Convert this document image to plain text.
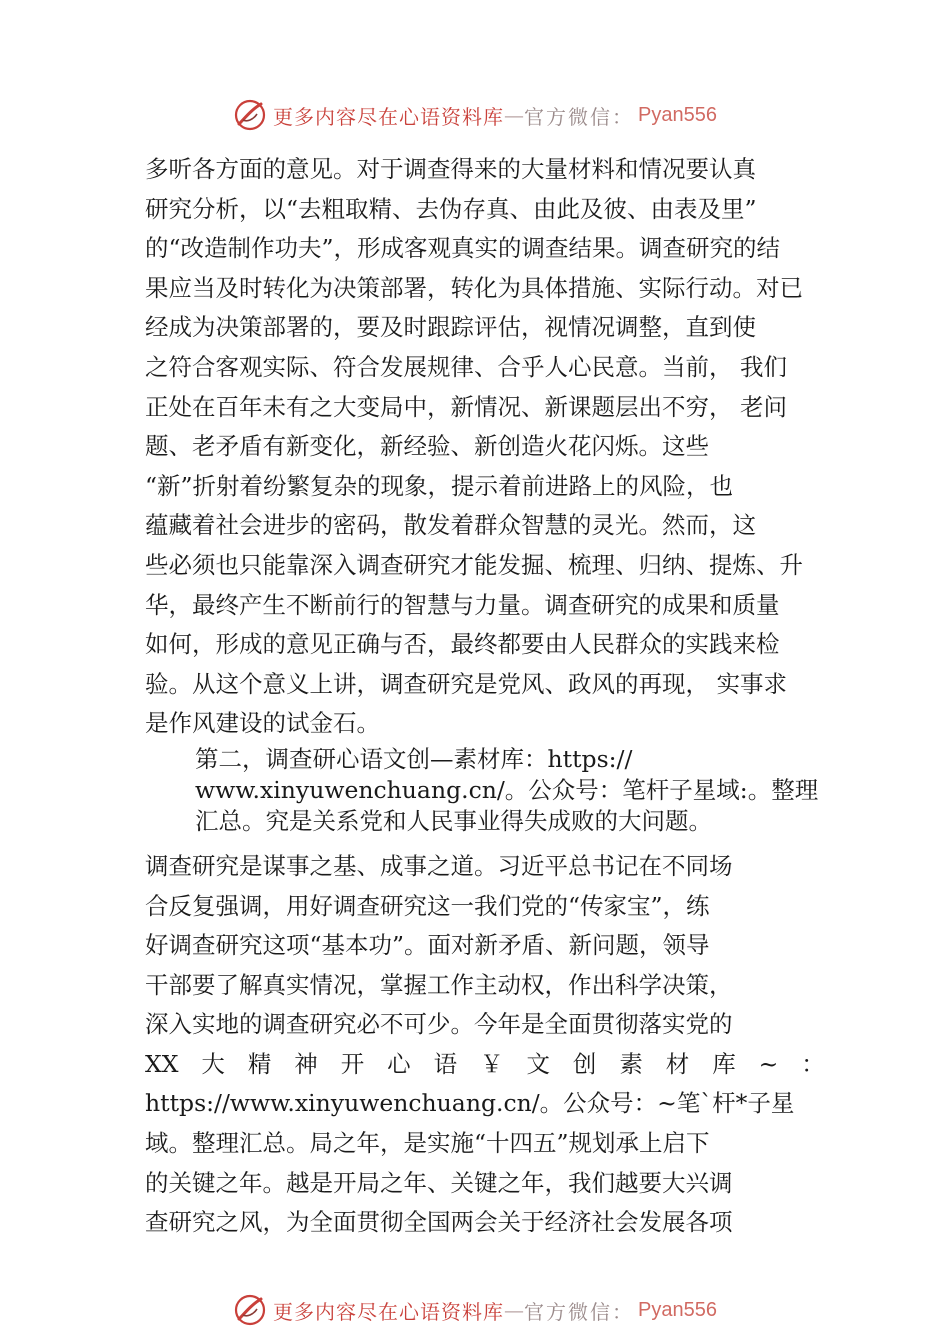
更多内容尽在心语资料库 — 官方微信： Pyan556
多听各方面的意见。对于调查得来的大量材料和情况要认真
研究分析，以“去粗取精、去伪存真、由此及彼、由表及里”
的“改造制作功夫”，形成客观真实的调查结果。调查研究的结
果应当及时转化为决策部署，转化为具体措施、实际行动。对已
经成为决策部署的，要及时跟踪评估，视情况调整，直到使
之符合客观实际、符合发展规律、合乎人心民意。当前， 我们
正处在百年未有之大变局中，新情况、新课题层出不穷， 老问
题、老矛盾有新变化，新经验、新创造火花闪烁。这些
“新”折射着纷繁复杂的现象，提示着前进路上的风险，也
蕴藏着社会进步的密码，散发着群众智慧的灵光。然而，这
些必须也只能靠深入调查研究才能发掘、梳理、归纳、提炼、升
华，最终产生不断前行的智慧与力量。调查研究的成果和质量
如何，形成的意见正确与否，最终都要由人民群众的实践来检
验。从这个意义上讲，调查研究是党风、政风的再现， 实事求
是作风建设的试金石。
第二，调查研心语文创—素材库：https://
www.xinyuwenchuang.cn/。公众号：笔杆子星域:。整理
汇总。究是关系党和人民事业得失成败的大问题。
调查研究是谋事之基、成事之道。习近平总书记在不同场
合反复强调，用好调查研究这一我们党的“传家宝”，练
好调查研究这项“基本功”。面对新矛盾、新问题，领导
干部要了解真实情况，掌握工作主动权，作出科学决策，
深入实地的调查研究必不可少。今年是全面贯彻落实党的
XX 大 精 神 开 心 语 ￥ 文 创 素 材 库 ~ ：
https://www.xinyuwenchuang.cn/。公众号：~笔`杆*子星
域。整理汇总。局之年，是实施“十四五”规划承上启下
的关键之年。越是开局之年、关键之年，我们越要大兴调
查研究之风，为全面贯彻全国两会关于经济社会发展各项
更多内容尽在心语资料库 — 官方微信： Pyan556
